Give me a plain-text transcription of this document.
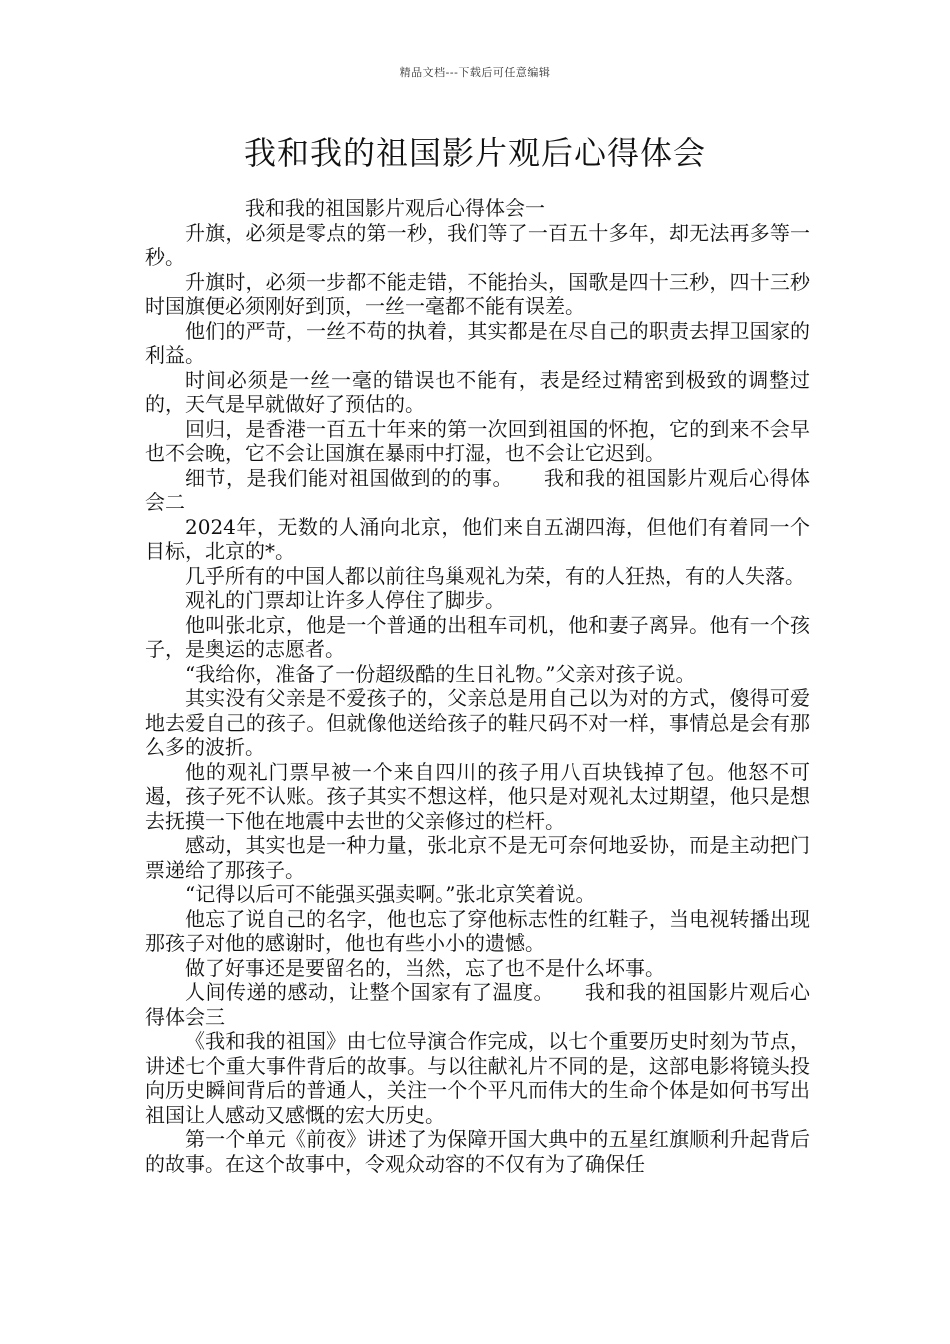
精品文档---下载后可任意编辑
我和我的祖国影片观后心得体会

我和我的祖国影片观后心得体会一

升旗，必须是零点的第一秒，我们等了一百五十多年，却无法再多等一秒。

升旗时，必须一步都不能走错，不能抬头，国歌是四十三秒，四十三秒时国旗便必须刚好到顶，一丝一毫都不能有误差。

他们的严苛，一丝不苟的执着，其实都是在尽自己的职责去捍卫国家的利益。

时间必须是一丝一毫的错误也不能有，表是经过精密到极致的调整过的，天气是早就做好了预估的。

回归，是香港一百五十年来的第一次回到祖国的怀抱，它的到来不会早也不会晚，它不会让国旗在暴雨中打湿，也不会让它迟到。

细节，是我们能对祖国做到的的事。　　我和我的祖国影片观后心得体会二

2024年，无数的人涌向北京，他们来自五湖四海，但他们有着同一个目标，北京的*。

几乎所有的中国人都以前往鸟巢观礼为荣，有的人狂热，有的人失落。

观礼的门票却让许多人停住了脚步。

他叫张北京，他是一个普通的出租车司机，他和妻子离异。他有一个孩子，是奥运的志愿者。

“我给你，准备了一份超级酷的生日礼物。”父亲对孩子说。

其实没有父亲是不爱孩子的，父亲总是用自己以为对的方式，傻得可爱地去爱自己的孩子。但就像他送给孩子的鞋尺码不对一样，事情总是会有那么多的波折。

他的观礼门票早被一个来自四川的孩子用八百块钱掉了包。他怒不可遏，孩子死不认账。孩子其实不想这样，他只是对观礼太过期望，他只是想去抚摸一下他在地震中去世的父亲修过的栏杆。

感动，其实也是一种力量，张北京不是无可奈何地妥协，而是主动把门票递给了那孩子。

“记得以后可不能强买强卖啊。”张北京笑着说。

他忘了说自己的名字，他也忘了穿他标志性的红鞋子，当电视转播出现那孩子对他的感谢时，他也有些小小的遗憾。

做了好事还是要留名的，当然，忘了也不是什么坏事。

人间传递的感动，让整个国家有了温度。　　我和我的祖国影片观后心得体会三

《我和我的祖国》由七位导演合作完成，以七个重要历史时刻为节点，讲述七个重大事件背后的故事。与以往献礼片不同的是，这部电影将镜头投向历史瞬间背后的普通人，关注一个个平凡而伟大的生命个体是如何书写出祖国让人感动又感慨的宏大历史。

第一个单元《前夜》讲述了为保障开国大典中的五星红旗顺利升起背后的故事。在这个故事中，令观众动容的不仅有为了确保任
